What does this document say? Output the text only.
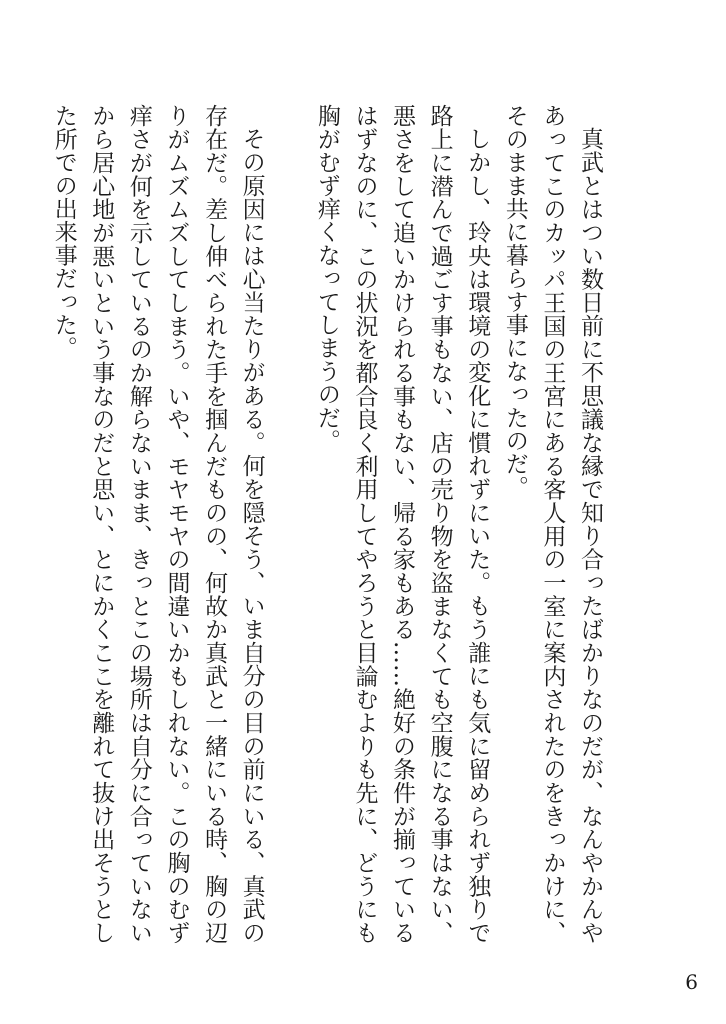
真武とはつい数日前に不思議な縁で知り合ったばかりなのだが、なんやかんやあってこのカッパ王国の王宮にある客人用の一室に案内されたのをきっかけに、そのまま共に暮らす事になったのだ。

しかし、玲央は環境の変化に慣れずにいた。もう誰にも気に留められず独りで路上に潜んで過ごす事もない、店の売り物を盗まなくても空腹になる事はない、悪さをして追いかけられる事もない、帰る家もある……絶好の条件が揃っているはずなのに、この状況を都合良く利用してやろうと目論むよりも先に、どうにも胸がむず痒くなってしまうのだ。

その原因には心当たりがある。何を隠そう、いま自分の目の前にいる、真武の存在だ。差し伸べられた手を掴んだものの、何故か真武と一緒にいる時、胸の辺りがムズムズしてしまう。いや、モヤモヤの間違いかもしれない。この胸のむず痒さが何を示しているのか解らないまま、きっとこの場所は自分に合っていないから居心地が悪いという事なのだと思い、とにかくここを離れて抜け出そうとした所での出来事だった。

6
